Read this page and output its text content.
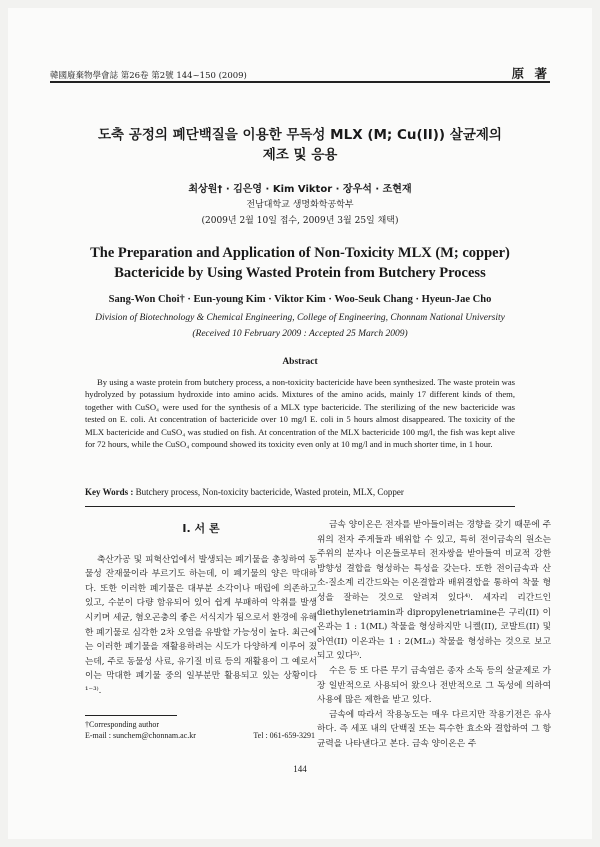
韓國廢棄物學會誌 第26卷 第2號 144~150 (2009)	原 著
도축 공정의 폐단백질을 이용한 무독성 MLX (M; Cu(II)) 살균제의
제조 및 응용
최상원† · 김은영 · Kim Viktor · 장우석 · 조현재
전남대학교 생명화학공학부
(2009년 2월 10일 접수, 2009년 3월 25일 채택)
The Preparation and Application of Non-Toxicity MLX (M; copper)
Bactericide by Using Wasted Protein from Butchery Process
Sang-Won Choi† · Eun-young Kim · Viktor Kim · Woo-Seuk Chang · Hyeun-Jae Cho
Division of Biotechnology & Chemical Engineering, College of Engineering, Chonnam National University
(Received 10 February 2009 : Accepted 25 March 2009)
Abstract

By using a waste protein from butchery process, a non-toxicity bactericide have been synthesized. The waste protein was hydrolyzed by potassium hydroxide into amino acids. Mixtures of the amino acids, mainly 17 different kinds of them, together with CuSO₄ were used for the synthesis of a MLX type bactericide. The sterilizing of the new bactericide was tested on E. coli. At concentration of bactericide over 10 mg/l E. coli in 5 hours almost disappeared. The toxicity of the MLX bactericide and CuSO₄ was studied on fish. At concentration of the MLX bactericide 100 mg/l, the fish was kept alive for 72 hours, while the CuSO₄ compound showed its toxicity even only at 10 mg/l and in much shorter time, in 1 hour.

Key Words : Butchery process, Non-toxicity bactericide, Wasted protein, MLX, Copper
I. 서 론

축산가공 및 피혁산업에서 발생되는 폐기물을 총칭하여 동물성 잔재물이라 부르기도 하는데, 이 폐기물의 양은 막대하다. 또한 이러한 폐기물은 대부분 소각이나 매립에 의존하고 있고, 수분이 다량 함유되어 있어 쉽게 부패하여 악취를 발생시키며 세균, 혐오곤충의 좋은 서식지가 됨으로서 환경에 유해한 폐기물로 심각한 2차 오염을 유발할 가능성이 높다. 최근에는 이러한 폐기물을 재활용하려는 시도가 다양하게 이루어 졌는데, 주로 동물성 사료, 유기질 비료 등의 재활용이 그 예로서 이는 막대한 폐기물 중의 일부분만 활용되고 있는 상황이다¹⁻³⁾.

금속 양이온은 전자를 받아들이려는 경향을 갖기 때문에 주위의 전자 주게들과 배위할 수 있고, 특히 전이금속의 원소는 주위의 분자나 이온들로부터 전자쌍을 받아들여 비교적 강한 방향성 결합을 형성하는 특성을 갖는다. 또한 전이금속과 산소-질소계 리간드와는 이온결합과 배위결합을 통하여 착물 형성을 잘하는 것으로 알려져 있다⁴⁾. 세자리 리간드인 diethylenetriamin과 dipropylenetriamine은 구리(II) 이온과는 1 : 1(ML) 착물을 형성하지만 니켈(II), 코발트(II) 및 아연(II) 이온과는 1 : 2(ML₂) 착물을 형성하는 것으로 보고되고 있다⁵⁾.

수은 등 또 다른 무기 금속염은 종자 소독 등의 살균제로 가장 일반적으로 사용되어 왔으나 전반적으로 그 독성에 의하여 사용에 많은 제한을 받고 있다.

금속에 따라서 작용농도는 매우 다르지만 작용기전은 유사하다. 즉 세포 내의 단백질 또는 특수한 효소와 결합하여 그 항균력을 나타낸다고 본다. 금속 양이온은 주

†Corresponding author
E-mail : sunchem@chonnam.ac.kr	Tel : 061-659-3291
144
